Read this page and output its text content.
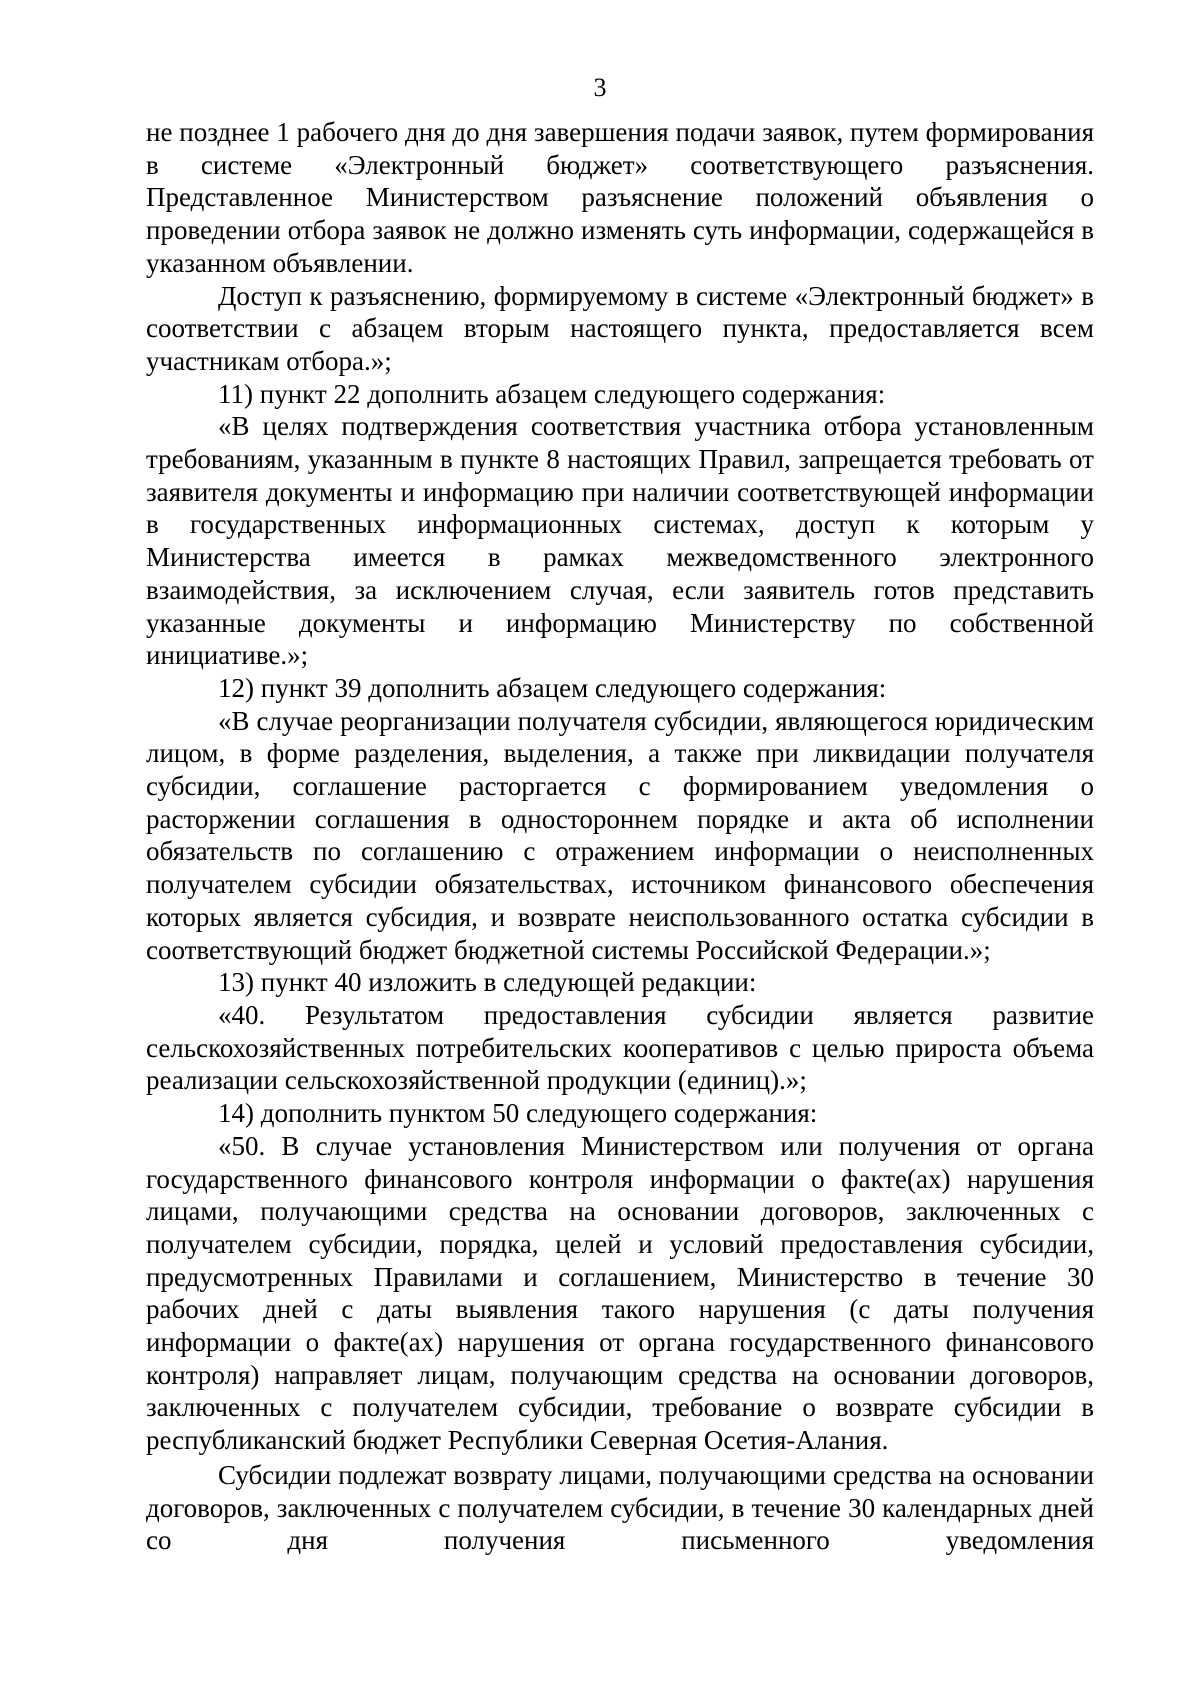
3

не позднее 1 рабочего дня до дня завершения подачи заявок, путем формирования в системе «Электронный бюджет» соответствующего разъяснения. Представленное Министерством разъяснение положений объявления о проведении отбора заявок не должно изменять суть информации, содержащейся в указанном объявлении.

Доступ к разъяснению, формируемому в системе «Электронный бюджет» в соответствии с абзацем вторым настоящего пункта, предоставляется всем участникам отбора.»;

11) пункт 22 дополнить абзацем следующего содержания:

«В целях подтверждения соответствия участника отбора установленным требованиям, указанным в пункте 8 настоящих Правил, запрещается требовать от заявителя документы и информацию при наличии соответствующей информации в государственных информационных системах, доступ к которым у Министерства имеется в рамках межведомственного электронного взаимодействия, за исключением случая, если заявитель готов представить указанные документы и информацию Министерству по собственной инициативе.»;

12) пункт 39 дополнить абзацем следующего содержания:

«В случае реорганизации получателя субсидии, являющегося юридическим лицом, в форме разделения, выделения, а также при ликвидации получателя субсидии, соглашение расторгается с формированием уведомления о расторжении соглашения в одностороннем порядке и акта об исполнении обязательств по соглашению с отражением информации о неисполненных получателем субсидии обязательствах, источником финансового обеспечения которых является субсидия, и возврате неиспользованного остатка субсидии в соответствующий бюджет бюджетной системы Российской Федерации.»;

13) пункт 40 изложить в следующей редакции:

«40. Результатом предоставления субсидии является развитие сельскохозяйственных потребительских кооперативов с целью прироста объема реализации сельскохозяйственной продукции (единиц).»;

14) дополнить пунктом 50 следующего содержания:

«50. В случае установления Министерством или получения от органа государственного финансового контроля информации о факте(ах) нарушения лицами, получающими средства на основании договоров, заключенных с получателем субсидии, порядка, целей и условий предоставления субсидии, предусмотренных Правилами и соглашением, Министерство в течение 30 рабочих дней с даты выявления такого нарушения (с даты получения информации о факте(ах) нарушения от органа государственного финансового контроля) направляет лицам, получающим средства на основании договоров, заключенных с получателем субсидии, требование о возврате субсидии в республиканский бюджет Республики Северная Осетия-Алания.

Субсидии подлежат возврату лицами, получающими средства на основании договоров, заключенных с получателем субсидии, в течение 30 календарных дней со дня получения письменного уведомления
